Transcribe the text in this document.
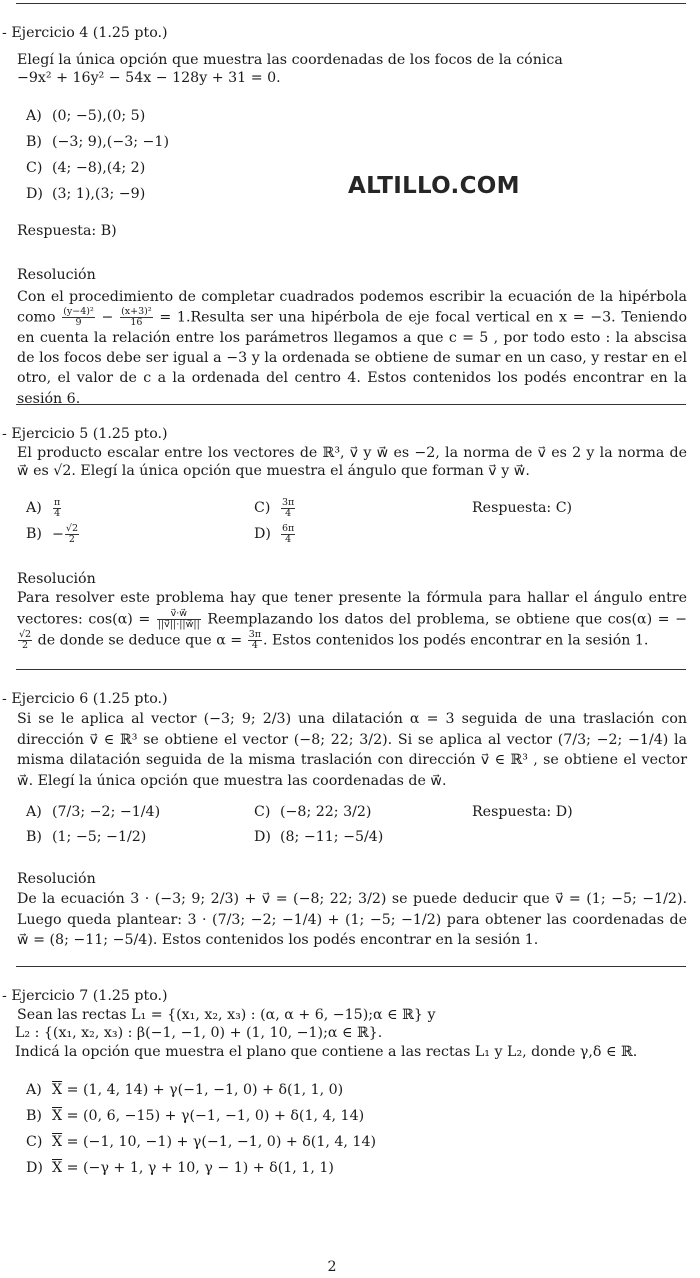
- Ejercicio 4 (1.25 pto.)
Elegí la única opción que muestra las coordenadas de los focos de la cónica
−9x² + 16y² − 54x − 128y + 31 = 0.
A) (0; −5),(0; 5)
B) (−3; 9),(−3; −1)
C) (4; −8),(4; 2)
D) (3; 1),(3; −9)	ALTILLO.COM
Respuesta: B)
Resolución
Con el procedimiento de completar cuadrados podemos escribir la ecuación de la hipérbola como $\frac{\text{(y−4)²}}{9} - \frac{\text{(x+3)²}}{16}$ = 1.Resulta ser una hipérbola de eje focal vertical en x = −3. Teniendo en cuenta la relación entre los parámetros llegamos a que c = 5 , por todo esto : la abscisa de los focos debe ser igual a −3 y la ordenada se obtiene de sumar en un caso, y restar en el otro, el valor de c a la ordenada del centro 4. Estos contenidos los podés encontrar en la sesión 6.
- Ejercicio 5 (1.25 pto.)
El producto escalar entre los vectores de ℝ³, v⃗ y w⃗ es −2, la norma de v⃗ es 2 y la norma de w⃗ es √2. Elegí la única opción que muestra el ángulo que forman v⃗ y w⃗.
$A) \frac{\pi}{4}$
$B) - \frac{√2}{2}$
$C) \frac{3\pi}{4}$
$D) \frac{6\pi}{4}$
Respuesta: C)
Resolución
Para resolver este problema hay que tener presente la fórmula para hallar el ángulo entre vectores: $\cos(\alpha) = \frac{v⃗\cdot w⃗}{||v⃗||\cdot||w⃗||}$ Reemplazando los datos del problema, se obtiene que cos(α) = −
$\frac{√2}{2}$ de donde se deduce que $\alpha = \frac{3\pi}{4}$ . Estos contenidos los podés encontrar en la sesión 1.
- Ejercicio 6 (1.25 pto.)
Si se le aplica al vector (−3; 9; 2/3) una dilatación α = 3 seguida de una traslación con dirección v⃗ ∈ ℝ³ se obtiene el vector (−8; 22; 3/2). Si se aplica al vector (7/3; −2; −1/4) la misma dilatación seguida de la misma traslación con dirección v⃗ ∈ ℝ³ , se obtiene el vector w⃗. Elegí la única opción que muestra las coordenadas de w⃗.
A) (7/3; −2; −1/4)
B) (1; −5; −1/2)
C) (−8; 22; 3/2)
D) (8; −11; −5/4)
Respuesta: D)
Resolución
De la ecuación 3 · (−3; 9; 2/3) + v⃗ = (−8; 22; 3/2) se puede deducir que v⃗ = (1; −5; −1/2). Luego queda plantear: 3 · (7/3; −2; −1/4) + (1; −5; −1/2) para obtener las coordenadas de w⃗ = (8; −11; −5/4). Estos contenidos los podés encontrar en la sesión 1.
- Ejercicio 7 (1.25 pto.)
Sean las rectas L₁ = {(x₁, x₂, x₃) : (α, α + 6, −15);α ∈ ℝ} y
L₂ : {(x₁, x₂, x₃) : β(−1, −1, 0) + (1, 10, −1);α ∈ ℝ}.
Indicá la opción que muestra el plano que contiene a las rectas L₁ y L₂, donde γ,δ ∈ ℝ.
A) $\overline{X} = (1$, 4, 14) + γ(−1, −1, 0) + δ(1, 1, 0)
B) $\overline{X} = (0$, 6, −15) + γ(−1, −1, 0) + δ(1, 4, 14)
C) $\overline{X} = (-1$, 10, −1) + γ(−1, −1, 0) + δ(1, 4, 14)
D) $\overline{X} = (-\gamma + 1$, γ + 10, γ − 1) + δ(1, 1, 1)
2
